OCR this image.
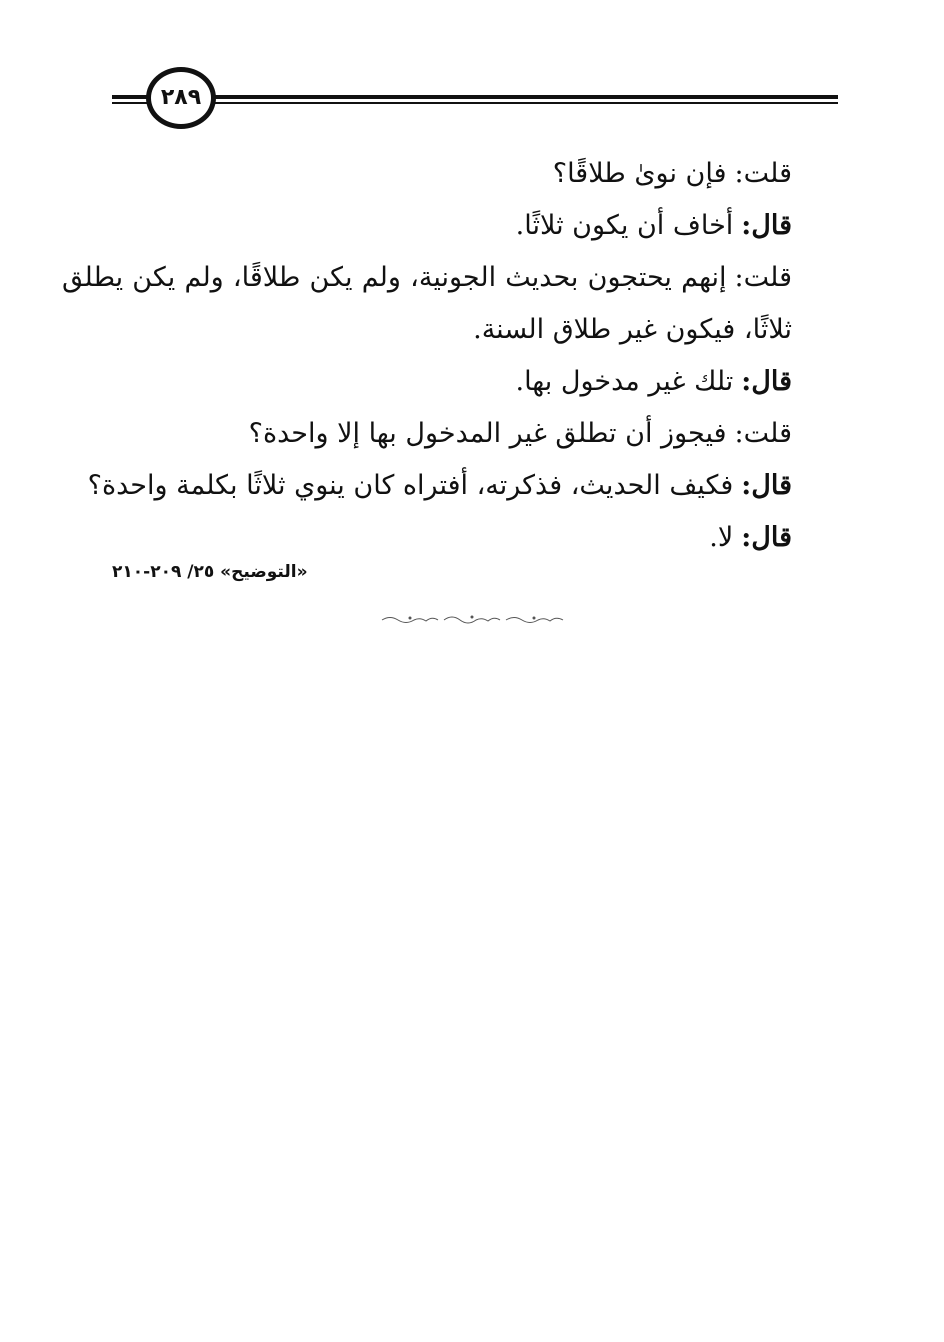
٢٨٩

قلت:فإن نوىٰ طلاقًا؟

قال:أخاف أن يكون ثلاثًا.

قلت:إنهم يحتجون بحديث الجونية، ولم يكن طلاقًا، ولم يكن يطلق ثلاثًا، فيكون غير طلاق السنة.

قال:تلك غير مدخول بها.

قلت:فيجوز أن تطلق غير المدخول بها إلا واحدة؟

قال:فكيف الحديث، فذكرته، أفتراه كان ينوي ثلاثًا بكلمة واحدة؟

قال:لا.

«التوضيح» ٢٥/ ٢٠٩-٢١٠
